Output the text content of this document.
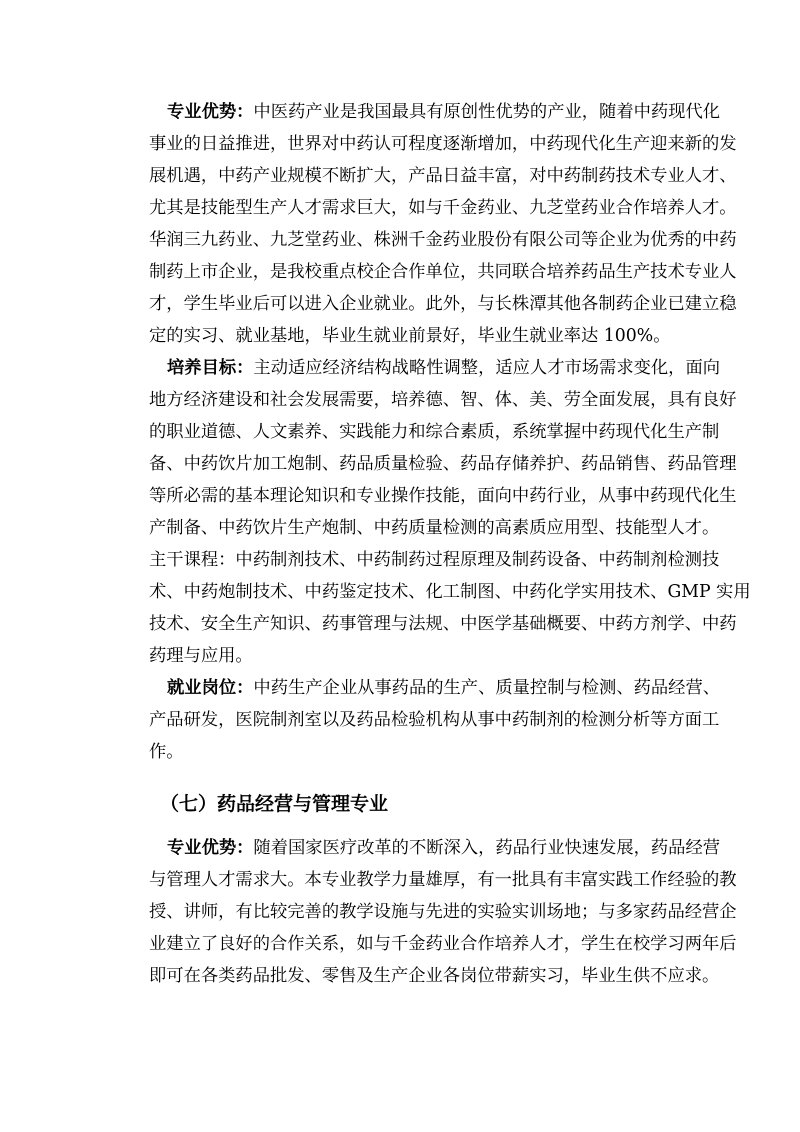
专业优势：中医药产业是我国最具有原创性优势的产业，随着中药现代化
事业的日益推进，世界对中药认可程度逐渐增加，中药现代化生产迎来新的发
展机遇，中药产业规模不断扩大，产品日益丰富，对中药制药技术专业人才、
尤其是技能型生产人才需求巨大，如与千金药业、九芝堂药业合作培养人才。
华润三九药业、九芝堂药业、株洲千金药业股份有限公司等企业为优秀的中药
制药上市企业，是我校重点校企合作单位，共同联合培养药品生产技术专业人
才，学生毕业后可以进入企业就业。此外，与长株潭其他各制药企业已建立稳
定的实习、就业基地，毕业生就业前景好，毕业生就业率达 100%。
培养目标：主动适应经济结构战略性调整，适应人才市场需求变化，面向
地方经济建设和社会发展需要，培养德、智、体、美、劳全面发展，具有良好
的职业道德、人文素养、实践能力和综合素质，系统掌握中药现代化生产制
备、中药饮片加工炮制、药品质量检验、药品存储养护、药品销售、药品管理
等所必需的基本理论知识和专业操作技能，面向中药行业，从事中药现代化生
产制备、中药饮片生产炮制、中药质量检测的高素质应用型、技能型人才。
主干课程：中药制剂技术、中药制药过程原理及制药设备、中药制剂检测技
术、中药炮制技术、中药鉴定技术、化工制图、中药化学实用技术、GMP 实用
技术、安全生产知识、药事管理与法规、中医学基础概要、中药方剂学、中药
药理与应用。
就业岗位：中药生产企业从事药品的生产、质量控制与检测、药品经营、
产品研发，医院制剂室以及药品检验机构从事中药制剂的检测分析等方面工
作。
（七）药品经营与管理专业
专业优势：随着国家医疗改革的不断深入，药品行业快速发展，药品经营
与管理人才需求大。本专业教学力量雄厚，有一批具有丰富实践工作经验的教
授、讲师，有比较完善的教学设施与先进的实验实训场地；与多家药品经营企
业建立了良好的合作关系，如与千金药业合作培养人才，学生在校学习两年后
即可在各类药品批发、零售及生产企业各岗位带薪实习，毕业生供不应求。
